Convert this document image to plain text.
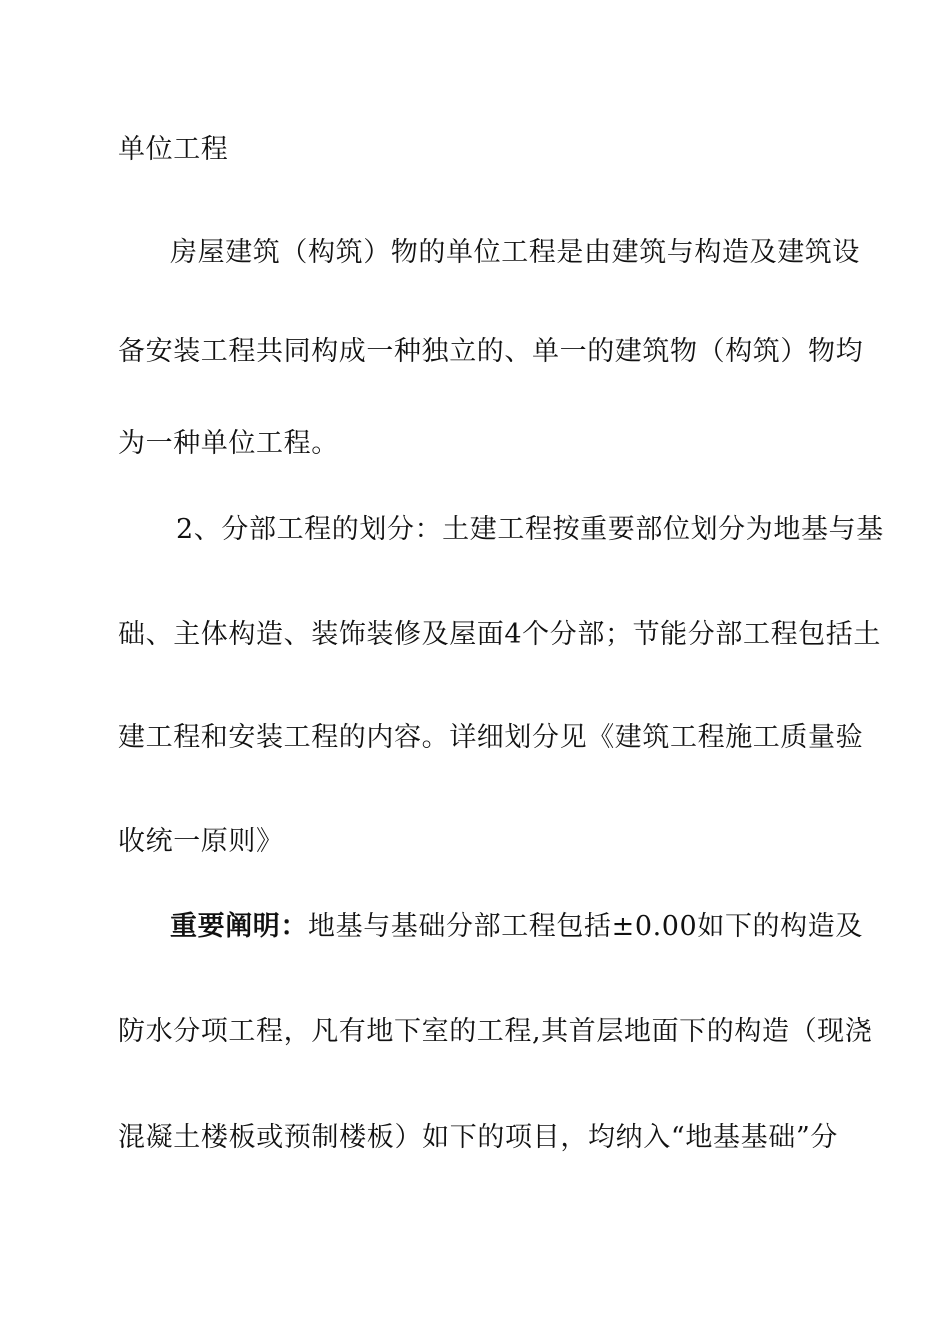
单位工程
房屋建筑（构筑）物的单位工程是由建筑与构造及建筑设
备安装工程共同构成一种独立的、单一的建筑物（构筑）物均
为一种单位工程。
2、分部工程的划分：土建工程按重要部位划分为地基与基
础、主体构造、装饰装修及屋面4个分部；节能分部工程包括土
建工程和安装工程的内容。详细划分见《建筑工程施工质量验
收统一原则》
重要阐明： 地基与基础分部工程包括±0.00如下的构造及
防水分项工程，凡有地下室的工程,其首层地面下的构造（现浇
混凝土楼板或预制楼板）如下的项目，均纳入“地基基础”分
